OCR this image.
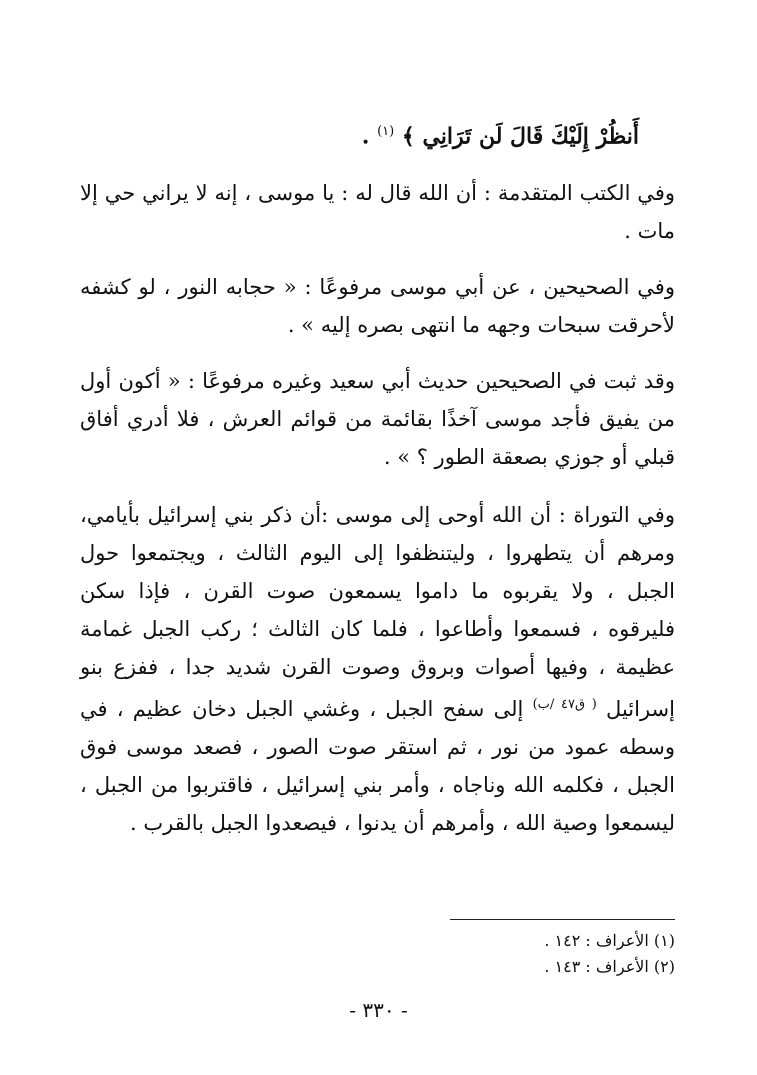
أَنظُرْ إِلَيْكَ قَالَ لَن تَرَانِي ﴾ $^{(١)}$ .

وفي الكتب المتقدمة : أن الله قال له : يا موسى ، إنه لا يراني حي إلا مات .

وفي الصحيحين ، عن أبي موسى مرفوعًا : « حجابه النور ، لو كشفه لأحرقت سبحات وجهه ما انتهى بصره إليه » .

وقد ثبت في الصحيحين حديث أبي سعيد وغيره مرفوعًا : « أكون أول من يفيق فأجد موسى آخذًا بقائمة من قوائم العرش ، فلا أدري أفاق قبلي أو جوزي بصعقة الطور ؟ » .

وفي التوراة : أن الله أوحى إلى موسى :أن ذكر بني إسرائيل بأيامي، ومرهم أن يتطهروا ، وليتنظفوا إلى اليوم الثالث ، ويجتمعوا حول الجبل ، ولا يقربوه ما داموا يسمعون صوت القرن ، فإذا سكن فليرقوه ، فسمعوا وأطاعوا ، فلما كان الثالث ؛ ركب الجبل غمامة عظيمة ، وفيها أصوات وبروق وصوت القرن شديد جدا ، ففزع بنو إسرائيل $^{( ق٤٧ /ب)}$ إلى سفح الجبل ، وغشي الجبل دخان عظيم ، في وسطه عمود من نور ، ثم استقر صوت الصور ، فصعد موسى فوق الجبل ، فكلمه الله وناجاه ، وأمر بني إسرائيل ، فاقتربوا من الجبل ، ليسمعوا وصية الله ، وأمرهم أن يدنوا ، فيصعدوا الجبل بالقرب .

(١) الأعراف : ١٤٢ .

(٢) الأعراف : ١٤٣ .

- ٣٣٠ -
